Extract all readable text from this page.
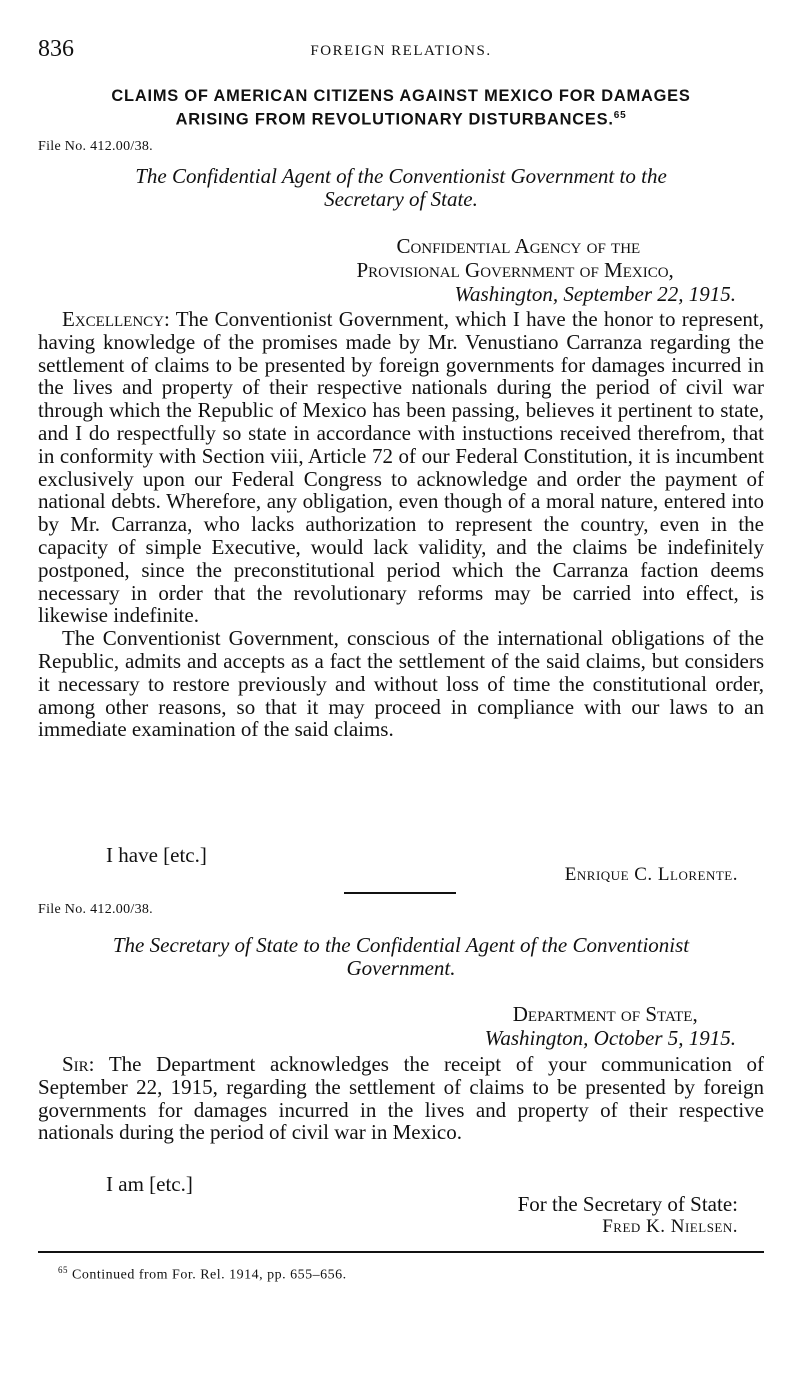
836	FOREIGN RELATIONS.
CLAIMS OF AMERICAN CITIZENS AGAINST MEXICO FOR DAMAGES
ARISING FROM REVOLUTIONARY DISTURBANCES.$^{65}$
File No. 412.00/38.
The Confidential Agent of the Conventionist Government to the
Secretary of State.
Confidential Agency of the
Provisional Government of Mexico,
Washington, September 22, 1915.

Excellency: The Conventionist Government, which I have the honor to represent, having knowledge of the promises made by Mr. Venustiano Carranza regarding the settlement of claims to be presented by foreign governments for damages incurred in the lives and property of their respective nationals during the period of civil war through which the Republic of Mexico has been passing, believes it pertinent to state, and I do respectfully so state in accordance with instuctions received therefrom, that in conformity with Section viii, Article 72 of our Federal Constitution, it is incumbent exclusively upon our Federal Congress to acknowledge and order the payment of national debts. Wherefore, any obligation, even though of a moral nature, entered into by Mr. Carranza, who lacks authorization to represent the country, even in the capacity of simple Executive, would lack validity, and the claims be indefinitely postponed, since the preconstitutional period which the Carranza faction deems necessary in order that the revolutionary reforms may be carried into effect, is likewise indefinite.

The Conventionist Government, conscious of the international obligations of the Republic, admits and accepts as a fact the settlement of the said claims, but considers it necessary to restore previously and without loss of time the constitutional order, among other reasons, so that it may proceed in compliance with our laws to an immediate examination of the said claims.

I have [etc.]
Enrique C. Llorente.
File No. 412.00/38.
The Secretary of State to the Confidential Agent of the Conventionist
Government.
Department of State,
Washington, October 5, 1915.

Sir: The Department acknowledges the receipt of your communication of September 22, 1915, regarding the settlement of claims to be presented by foreign governments for damages incurred in the lives and property of their respective nationals during the period of civil war in Mexico.

I am [etc.]
For the Secretary of State:
Fred K. Nielsen.
$^{65}$ Continued from For. Rel. 1914, pp. 655–656.
